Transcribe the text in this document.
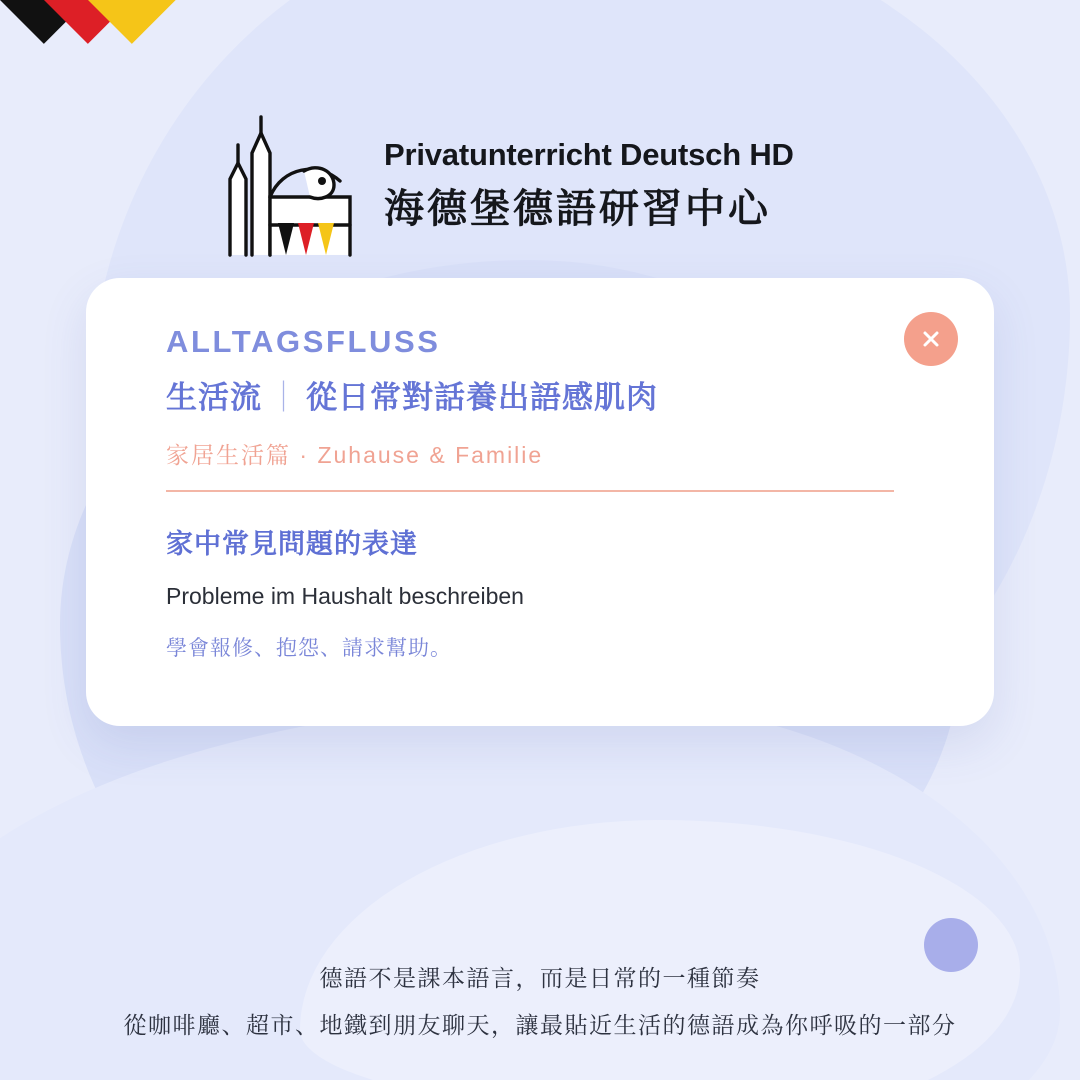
Privatunterricht Deutsch HD
海德堡德語研習中心
ALLTAGSFLUSS
生活流 ｜ 從日常對話養出語感肌肉
家居生活篇 · Zuhause & Familie
家中常見問題的表達
Probleme im Haushalt beschreiben
學會報修、抱怨、請求幫助。
德語不是課本語言，而是日常的一種節奏
從咖啡廳、超市、地鐵到朋友聊天，讓最貼近生活的德語成為你呼吸的一部分
